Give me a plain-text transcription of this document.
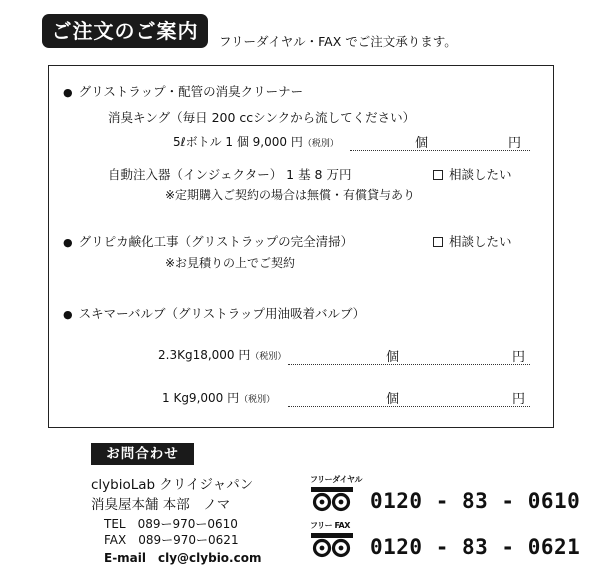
ご注文のご案内	フリーダイヤル・FAX でご注文承ります。
● グリストラップ・配管の消臭クリーナー
消臭キング（毎日 200 ccシンクから流してください）
5ℓボトル 1 個 9,000 円（税別）	個	円
自動注入器（インジェクター） 1 基 8 万円	相談したい
※定期購入ご契約の場合は無償・有償貸与あり
● グリピカ鹸化工事（グリストラップの完全清掃）	相談したい
※お見積りの上でご契約
● スキマーバルブ（グリストラップ用油吸着バルブ）
2.3Kg18,000 円（税別）	個	円
1 Kg9,000 円（税別）	個	円
お問合わせ
clybioLab クリイジャパン
消臭屋本舗 本部　ノマ
TEL　089ー970ー0610
FAX　089ー970ー0621
E-mail　cly@clybio.com
フリーダイヤル
0120 - 83 - 0610
フリー FAX
0120 - 83 - 0621
